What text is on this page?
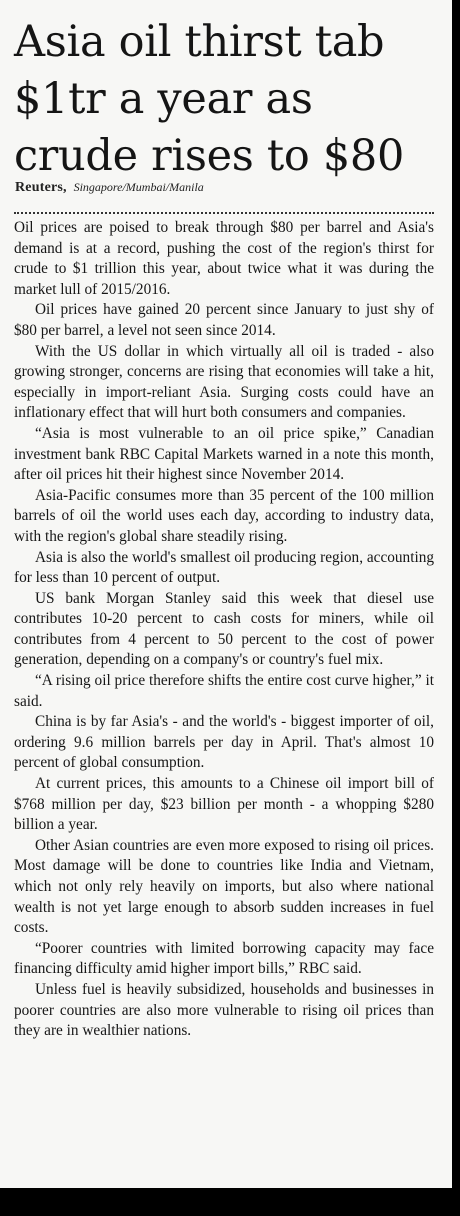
Asia oil thirst tab $1tr a year as crude rises to $80
Reuters, Singapore/Mumbai/Manila

Oil prices are poised to break through $80 per barrel and Asia's demand is at a record, pushing the cost of the region's thirst for crude to $1 trillion this year, about twice what it was during the market lull of 2015/2016.

Oil prices have gained 20 percent since January to just shy of $80 per barrel, a level not seen since 2014.

With the US dollar in which virtually all oil is traded - also growing stronger, concerns are rising that economies will take a hit, especially in import-reliant Asia. Surging costs could have an inflationary effect that will hurt both consumers and companies.

“Asia is most vulnerable to an oil price spike,” Canadian investment bank RBC Capital Markets warned in a note this month, after oil prices hit their highest since November 2014.

Asia-Pacific consumes more than 35 percent of the 100 million barrels of oil the world uses each day, according to industry data, with the region's global share steadily rising.

Asia is also the world's smallest oil producing region, accounting for less than 10 percent of output.

US bank Morgan Stanley said this week that diesel use contributes 10-20 percent to cash costs for miners, while oil contributes from 4 percent to 50 percent to the cost of power generation, depending on a company's or country's fuel mix.

“A rising oil price therefore shifts the entire cost curve higher,” it said.

China is by far Asia's - and the world's - biggest importer of oil, ordering 9.6 million barrels per day in April. That's almost 10 percent of global consumption.

At current prices, this amounts to a Chinese oil import bill of $768 million per day, $23 billion per month - a whopping $280 billion a year.

Other Asian countries are even more exposed to rising oil prices. Most damage will be done to countries like India and Vietnam, which not only rely heavily on imports, but also where national wealth is not yet large enough to absorb sudden increases in fuel costs.

“Poorer countries with limited borrowing capacity may face financing difficulty amid higher import bills,” RBC said.

Unless fuel is heavily subsidized, households and businesses in poorer countries are also more vulnerable to rising oil prices than they are in wealthier nations.
